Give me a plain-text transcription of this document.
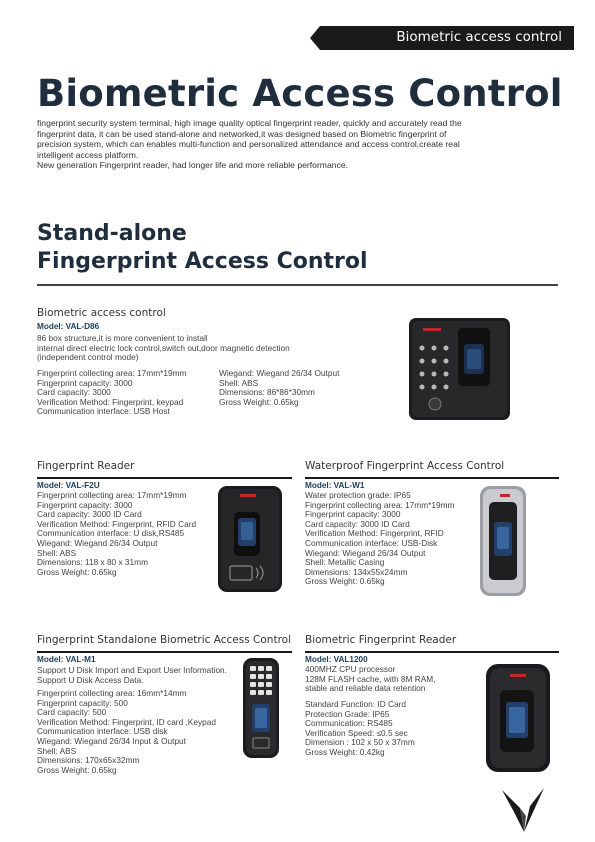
Biometric access control
Biometric Access Control

fingerprint security system terminal, high image quality optical fingerprint reader, quickly and accurately read the

fingerprint data, it can be used stand-alone and networked,it was designed based on Biometric fingerprint of

precision system, which can enables multi-function and personalized attendance and access control,create real

intelligent access platform.

New generation Fingerprint reader, had longer life and more reliable performance.

Stand-alone
Fingerprint Access Control
Biometric access control
Model: VAL-D86
86 box structure,it is more convenient to install
internal direct electric lock control,switch out,door magnetic detection
(independent control mode)
Fingerprint collecting area: 17mm*19mm
Fingerprint capacity: 3000
Card capacity: 3000
Verification Method: Fingerprint, keypad
Communication interface: USB Host
Wiegand: Wiegand 26/34 Output
Shell: ABS
Dimensions: 86*86*30mm
Gross Weight: 0.65kg
Fingerprint Reader
Model: VAL-F2U
Fingerprint collecting area: 17mm*19mm
Fingerprint capacity: 3000
Card capacity: 3000 ID Card
Verification Method: Fingerprint, RFID Card
Communication interface: U disk,RS485
Wiegand: Wiegand 26/34 Output
Shell: ABS
Dimensions: 118 x 80 x 31mm
Gross Weight: 0.65kg
Waterproof Fingerprint Access Control
Model: VAL-W1
Water protection grade: IP65
Fingerprint collecting area: 17mm*19mm
Fingerprint capacity: 3000
Card capacity: 3000 ID Card
Verification Method: Fingerprint, RFID
Communication interface: USB-Disk
Wiegand: Wiegand 26/34 Output
Shell: Metallic Casing
Dimensions: 134x55x24mm
Gross Weight: 0.65kg
Fingerprint Standalone Biometric Access Control
Model: VAL-M1
Support U Disk Import and Export User Information.
Support U Disk Access Data.
Fingerprint collecting area: 16mm*14mm
Fingerprint capacity: 500
Card capacity: 500
Verification Method: Fingerprint, ID card ,Keypad
Communication interface: USB disk
Wiegand: Wiegand 26/34 Input & Output
Shell: ABS
Dimensions: 170x65x32mm
Gross Weight: 0.65kg
Biometric Fingerprint Reader
Model: VAL1200
400MHZ CPU processor
128M FLASH cache, with 8M RAM,
stable and reliable data retention
Standard Function: ID Card
Protection Grade: IP65
Communication: RS485
Verification Speed: ≤0.5 sec
Dimension : 102 x 50 x 37mm
Gross Weight: 0.42kg
